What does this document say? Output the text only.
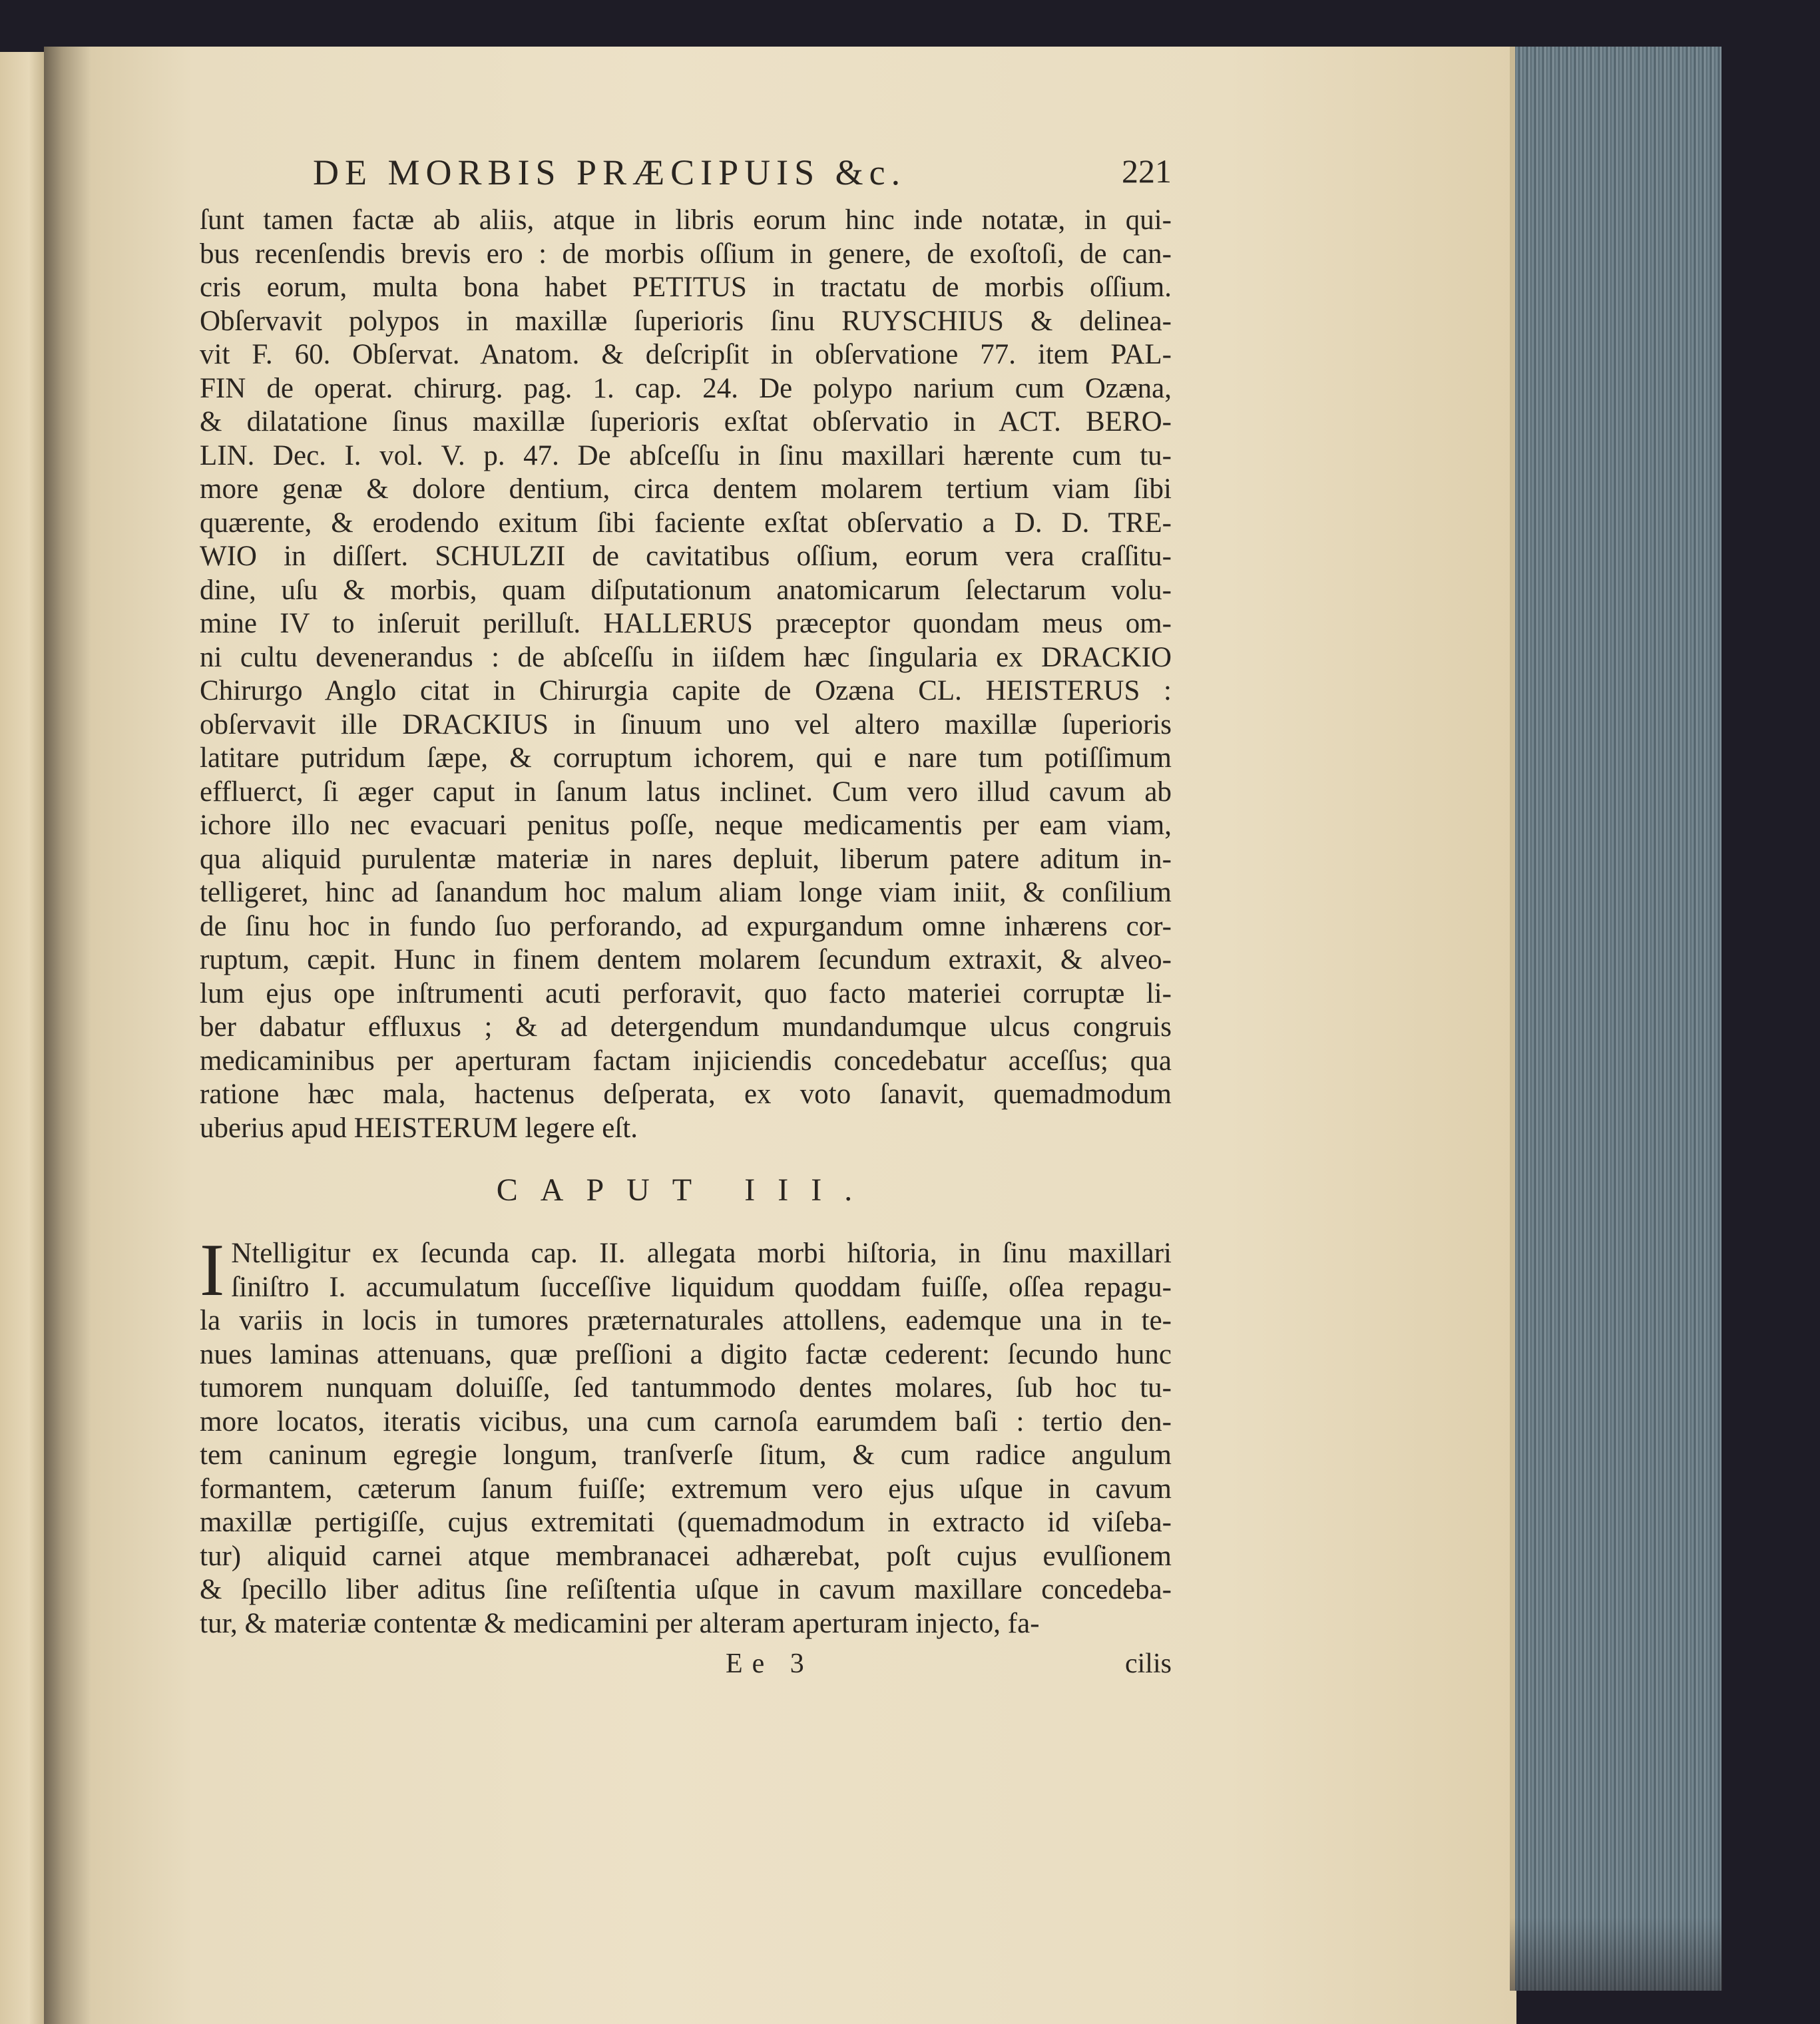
DE MORBIS PRÆCIPUIS &c.	221
ſunt tamen factæ ab aliis, atque in libris eorum hinc inde notatæ, in qui-
bus recenſendis brevis ero : de morbis oſſium in genere, de exoſtoſi, de can-
cris eorum, multa bona habet PETITUS in tractatu de morbis oſſium.
Obſervavit polypos in maxillæ ſuperioris ſinu RUYSCHIUS & delinea-
vit F. 60. Obſervat. Anatom. & deſcripſit in obſervatione 77. item PAL-
FIN de operat. chirurg. pag. 1. cap. 24. De polypo narium cum Ozæna,
& dilatatione ſinus maxillæ ſuperioris exſtat obſervatio in ACT. BERO-
LIN. Dec. I. vol. V. p. 47. De abſceſſu in ſinu maxillari hærente cum tu-
more genæ & dolore dentium, circa dentem molarem tertium viam ſibi
quærente, & erodendo exitum ſibi faciente exſtat obſervatio a D. D. TRE-
WIO in diſſert. SCHULZII de cavitatibus oſſium, eorum vera craſſitu-
dine, uſu & morbis, quam diſputationum anatomicarum ſelectarum volu-
mine IV to inſeruit perilluſt. HALLERUS præceptor quondam meus om-
ni cultu devenerandus : de abſceſſu in iiſdem hæc ſingularia ex DRACKIO
Chirurgo Anglo citat in Chirurgia capite de Ozæna CL. HEISTERUS :
obſervavit ille DRACKIUS in ſinuum uno vel altero maxillæ ſuperioris
latitare putridum ſæpe, & corruptum ichorem, qui e nare tum potiſſimum
effluerct, ſi æger caput in ſanum latus inclinet. Cum vero illud cavum ab
ichore illo nec evacuari penitus poſſe, neque medicamentis per eam viam,
qua aliquid purulentæ materiæ in nares depluit, liberum patere aditum in-
telligeret, hinc ad ſanandum hoc malum aliam longe viam iniit, & conſilium
de ſinu hoc in fundo ſuo perforando, ad expurgandum omne inhærens cor-
ruptum, cæpit. Hunc in finem dentem molarem ſecundum extraxit, & alveo-
lum ejus ope inſtrumenti acuti perforavit, quo facto materiei corruptæ li-
ber dabatur effluxus ; & ad detergendum mundandumque ulcus congruis
medicaminibus per aperturam factam injiciendis concedebatur acceſſus; qua
ratione hæc mala, hactenus deſperata, ex voto ſanavit, quemadmodum
uberius apud HEISTERUM legere eſt.
CAPUT III.
I Ntelligitur ex ſecunda cap. II. allegata morbi hiſtoria, in ſinu maxillari
ſiniſtro I. accumulatum ſucceſſive liquidum quoddam fuiſſe, oſſea repagu-
la variis in locis in tumores præternaturales attollens, eademque una in te-
nues laminas attenuans, quæ preſſioni a digito factæ cederent: ſecundo hunc
tumorem nunquam doluiſſe, ſed tantummodo dentes molares, ſub hoc tu-
more locatos, iteratis vicibus, una cum carnoſa earumdem baſi : tertio den-
tem caninum egregie longum, tranſverſe ſitum, & cum radice angulum
formantem, cæterum ſanum fuiſſe; extremum vero ejus uſque in cavum
maxillæ pertigiſſe, cujus extremitati (quemadmodum in extracto id viſeba-
tur) aliquid carnei atque membranacei adhærebat, poſt cujus evulſionem
& ſpecillo liber aditus ſine reſiſtentia uſque in cavum maxillare concedeba-
tur, & materiæ contentæ & medicamini per alteram aperturam injecto, fa-
Ee 3	cilis
